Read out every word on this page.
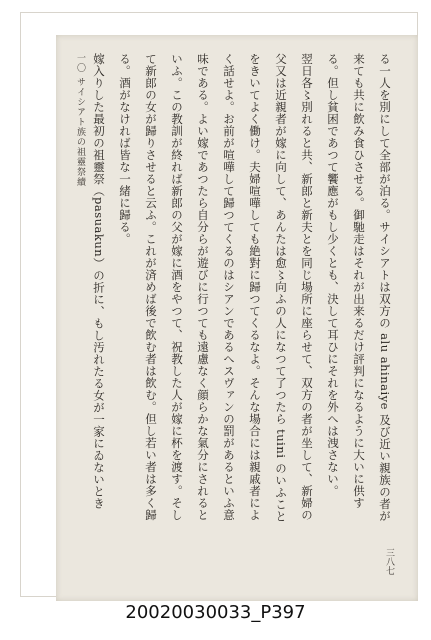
る一人を別にして全部が泊る。サイシアトは双方の alu ahinaiye 及び近い親族の者が来ても共に飲み食ひさせる。御馳走はそれが出来るだけ評判になるように大いに供する。但し貧困であつて饗應がもし少くとも、決して耳ひにそれを外へは洩さない。

翌日各〻別れると共、新郎と新夫とを同じ場所に座らせて、双方の者が坐して、新婦の父又は近親者が嫁に向して、あんたは愈〻向ふの人になつて了つたら tuini のいふことをきいてよく働け。夫婦喧嘩しても絶對に歸つてくるなよ。そんな場合には親戚者によく話せよ。お前が喧嘩して歸つてくるのはシアンであるへスヴァンの罰があるといふ意味である。よい嫁であつたら自分らが遊びに行つても遠慮なく顔らかな氣分にされるといふ。この教訓が終れば新郎の父が嫁に酒をやつて、祝教した人が嫁に杯を渡す。そして新郎の女が歸りさせると云ふ。これが済めば後で飲む者は飲む。但し若い者は多く歸る。酒がなければ皆な一緒に歸る。

嫁入りした最初の祖靈祭（pasuakun）の折に、もし汚れたる女が一家にゐないとき

三八七
一〇 サイシアト族の祖靈祭續
20020030033_P397
